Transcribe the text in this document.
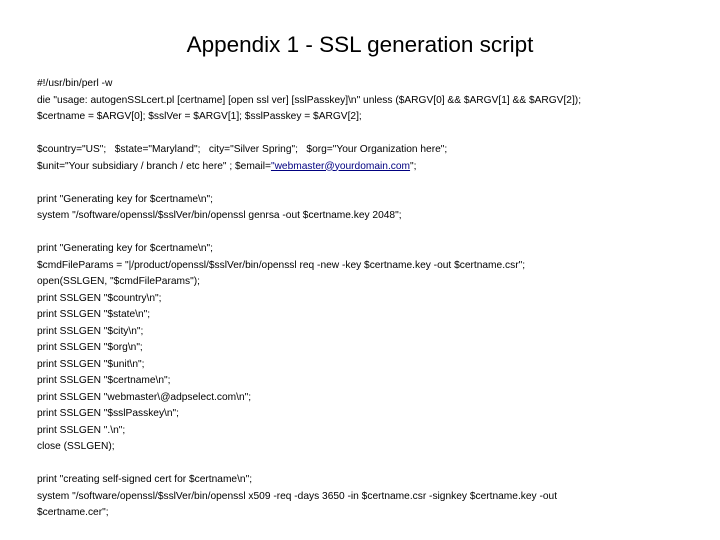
Appendix 1 - SSL generation script
#!/usr/bin/perl -w
die "usage: autogenSSLcert.pl [certname] [open ssl ver] [sslPasskey]\n" unless ($ARGV[0] && $ARGV[1] && $ARGV[2]);
$certname = $ARGV[0]; $sslVer = $ARGV[1]; $sslPasskey = $ARGV[2];
$country="US";   $state="Maryland";   city="Silver Spring";   $org="Your Organization here";
$unit="Your subsidiary / branch / etc here" ; $email="webmaster@yourdomain.com";
print "Generating key for $certname\n";
system "/software/openssl/$sslVer/bin/openssl genrsa -out $certname.key 2048";
print "Generating key for $certname\n";
$cmdFileParams = "|/product/openssl/$sslVer/bin/openssl req -new -key $certname.key -out $certname.csr";
open(SSLGEN, "$cmdFileParams");
print SSLGEN "$country\n";
print SSLGEN "$state\n";
print SSLGEN "$city\n";
print SSLGEN "$org\n";
print SSLGEN "$unit\n";
print SSLGEN "$certname\n";
print SSLGEN "webmaster\@adpselect.com\n";
print SSLGEN "$sslPasskey\n";
print SSLGEN ".\n";
close (SSLGEN);
print "creating self-signed cert for $certname\n";
system "/software/openssl/$sslVer/bin/openssl x509 -req -days 3650 -in $certname.csr -signkey $certname.key -out
$certname.cer";
